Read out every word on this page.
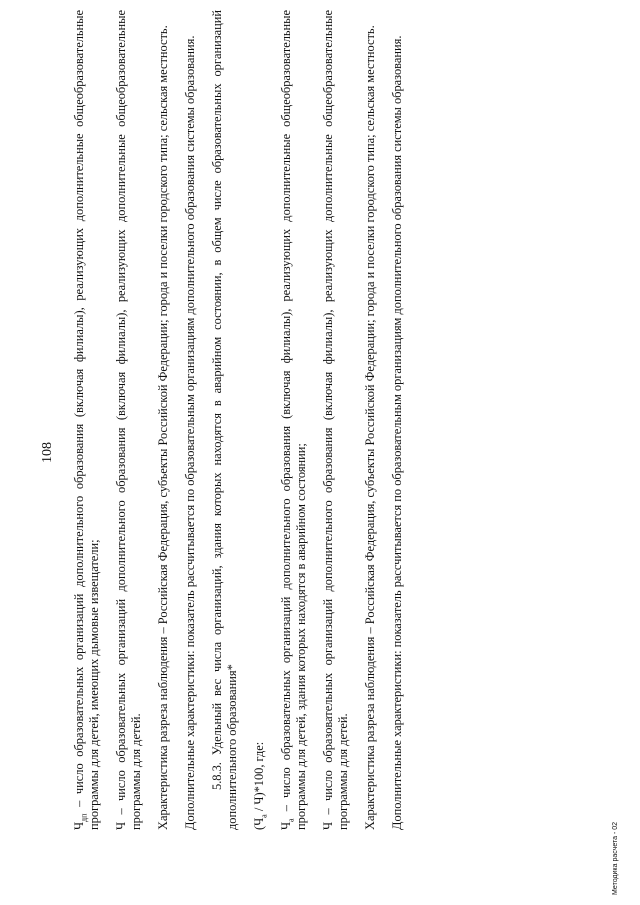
108

$Ч_{дп}$ – число образовательных организаций дополнительного образования (включая филиалы), реализующих дополнительные общеобразовательные программы для детей, имеющих дымовые извещатели; Ч – число образовательных организаций дополнительного образования (включая филиалы), реализующих дополнительные общеобразовательные программы для детей. Характеристика разреза наблюдения – Российская Федерация, субъекты Российской Федерации; города и поселки городского типа; сельская местность. Дополнительные характеристики: показатель рассчитывается по образовательным организациям дополнительного образования системы образования. 5.8.3. Удельный вес числа организаций, здания которых находятся в аварийном состоянии, в общем числе образовательных организаций дополнительного образования* $(Ч_а / Ч)*100$, где:

$Ч_а$ – число образовательных организаций дополнительного образования (включая филиалы), реализующих дополнительные общеобразовательные программы для детей, здания которых находятся в аварийном состоянии; Ч – число образовательных организаций дополнительного образования (включая филиалы), реализующих дополнительные общеобразовательные программы для детей. Характеристика разреза наблюдения – Российская Федерация, субъекты Российской Федерации; города и поселки городского типа; сельская местность. Дополнительные характеристики: показатель рассчитывается по образовательным организациям дополнительного образования системы образования.

Методика расчета - 02
